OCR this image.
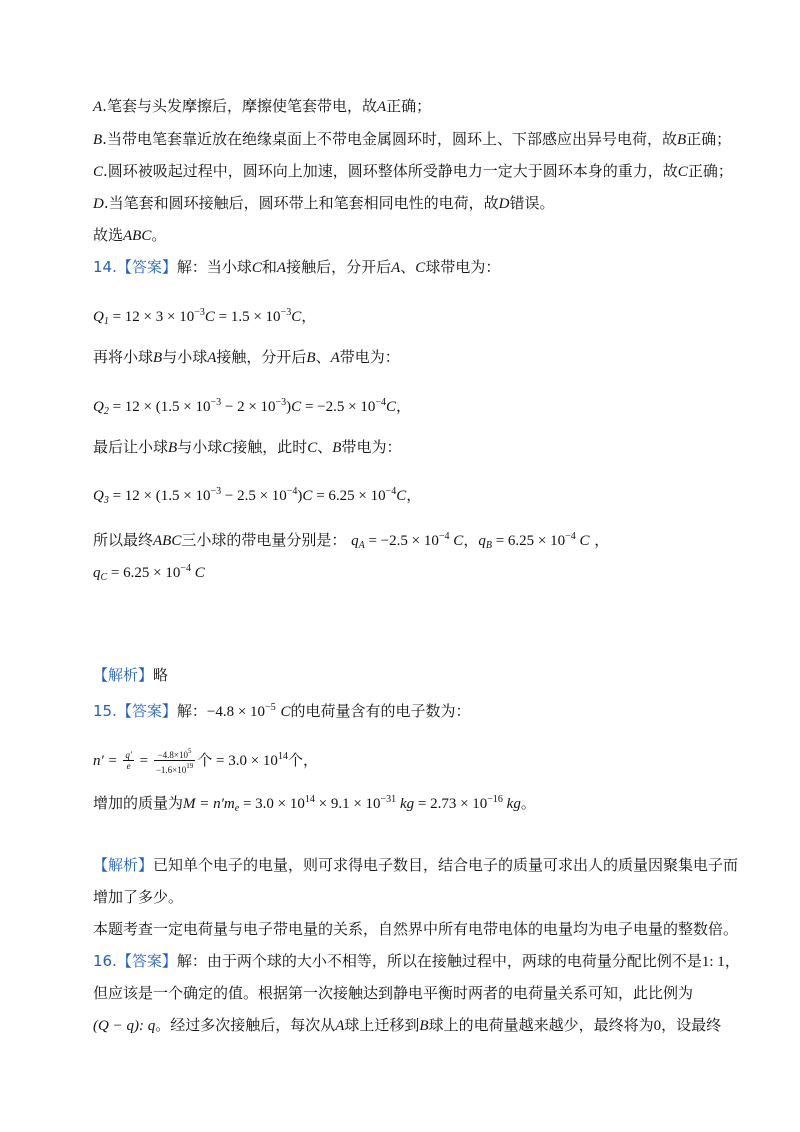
A.笔套与头发摩擦后，摩擦使笔套带电，故A正确；
B.当带电笔套靠近放在绝缘桌面上不带电金属圆环时，圆环上、下部感应出异号电荷，故B正确；
C.圆环被吸起过程中，圆环向上加速，圆环整体所受静电力一定大于圆环本身的重力，故C正确；
D.当笔套和圆环接触后，圆环带上和笔套相同电性的电荷，故D错误。
故选ABC。
14.【答案】解：当小球C和A接触后，分开后A、C球带电为：
$Q_1 = 12 \times 3 \times 10^{-3}C = 1.5 \times 10^{-3}C$，
再将小球B与小球A接触，分开后B、A带电为：
$Q_2 = 12 \times (1.5 \times 10^{-3} - 2 \times 10^{-3})C = -2.5 \times 10^{-4}C$，
最后让小球B与小球C接触，此时C、B带电为：
$Q_3 = 12 \times (1.5 \times 10^{-3} - 2.5 \times 10^{-4})C = 6.25 \times 10^{-4}C$，
所以最终ABC三小球的带电量分别是： $q_A = -2.5 \times 10^{-4}$ C，$q_B = 6.25 \times 10^{-4}$ C ，
$q_C = 6.25 \times 10^{-4}$ C
【解析】略
15.【答案】解：$-4.8 \times 10^{-5}$ C的电荷量含有的电子数为：
$n' = \frac{q'}{e} = \frac{-4.8\times 10^5}{-1.6\times 10^{19}}$ 个 = $3.0 \times 10^{14}$个，
增加的质量为$M = n'm_e = 3.0 \times 10^{14} \times 9.1 \times 10^{-31}$ kg = $2.73 \times 10^{-16}$ kg。
【解析】已知单个电子的电量，则可求得电子数目，结合电子的质量可求出人的质量因聚集电子而
增加了多少。
本题考查一定电荷量与电子带电量的关系，自然界中所有电带电体的电量均为电子电量的整数倍。
16.【答案】解：由于两个球的大小不相等，所以在接触过程中，两球的电荷量分配比例不是1: 1，
但应该是一个确定的值。根据第一次接触达到静电平衡时两者的电荷量关系可知，此比例为
(Q − q): q。经过多次接触后，每次从A球上迁移到B球上的电荷量越来越少，最终将为0，设最终
